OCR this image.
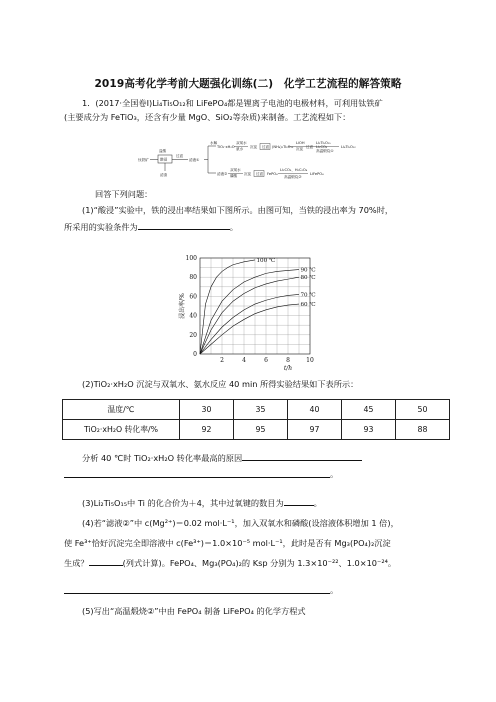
2019高考化学考前大题强化训练(二)　化学工艺流程的解答策略
1．(2017·全国卷Ⅰ)Li₄Ti₅O₁₂和 LiFePO₄都是锂离子电池的电极材料，可利用钛铁矿
(主要成分为 FeTiO₃，还含有少量 MgO、SiO₂等杂质)来制备。工艺流程如下：
钛铁矿	酸浸
盐酸
滤渣
过滤
滤液①
水解
TiO₂·xH₂O
双氧水
氨水 沉淀 过滤 (NH₄)₂Ti₅O₁₅
LiOH
沉淀 过滤
Li₂Ti₅O₁₅
Li₂CO₃
高温煅烧①
Li₄Ti₅O₁₂
滤液②
双氧水
磷酸 沉淀 过滤 FePO₄
Li₂CO₃、H₂C₂O₄
高温煅烧②
LiFePO₄
回答下列问题：
(1)“酸浸”实验中，铁的浸出率结果如下图所示。由图可知，当铁的浸出率为 70%时，
所采用的实验条件为	。
2	4	6	8	10
0
20
40
60
80
100
t/h
浸出率/%
100 ℃
90 ℃
80 ℃
70 ℃
60 ℃
(2)TiO₂·xH₂O 沉淀与双氧水、氨水反应 40 min 所得实验结果如下表所示：
温度/℃	30	35	40	45	50
TiO₂·xH₂O 转化率/%	92	95	97	93	88
分析 40 ℃时 TiO₂·xH₂O 转化率最高的原因
。
(3)Li₂Ti₅O₁₅中 Ti 的化合价为＋4，其中过氧键的数目为	。
(4)若“滤液②”中 c(Mg²⁺)＝0.02 mol·L⁻¹，加入双氧水和磷酸(设溶液体积增加 1 倍)，
使 Fe³⁺恰好沉淀完全即溶液中 c(Fe³⁺)＝1.0×10⁻⁵ mol·L⁻¹，此时是否有 Mg₃(PO₄)₂沉淀
生成？	(列式计算)。FePO₄、Mg₃(PO₄)₂的 Ksp 分别为 1.3×10⁻²²、1.0×10⁻²⁴。
。
(5)写出“高温煅烧②”中由 FePO₄ 制备 LiFePO₄ 的化学方程式
